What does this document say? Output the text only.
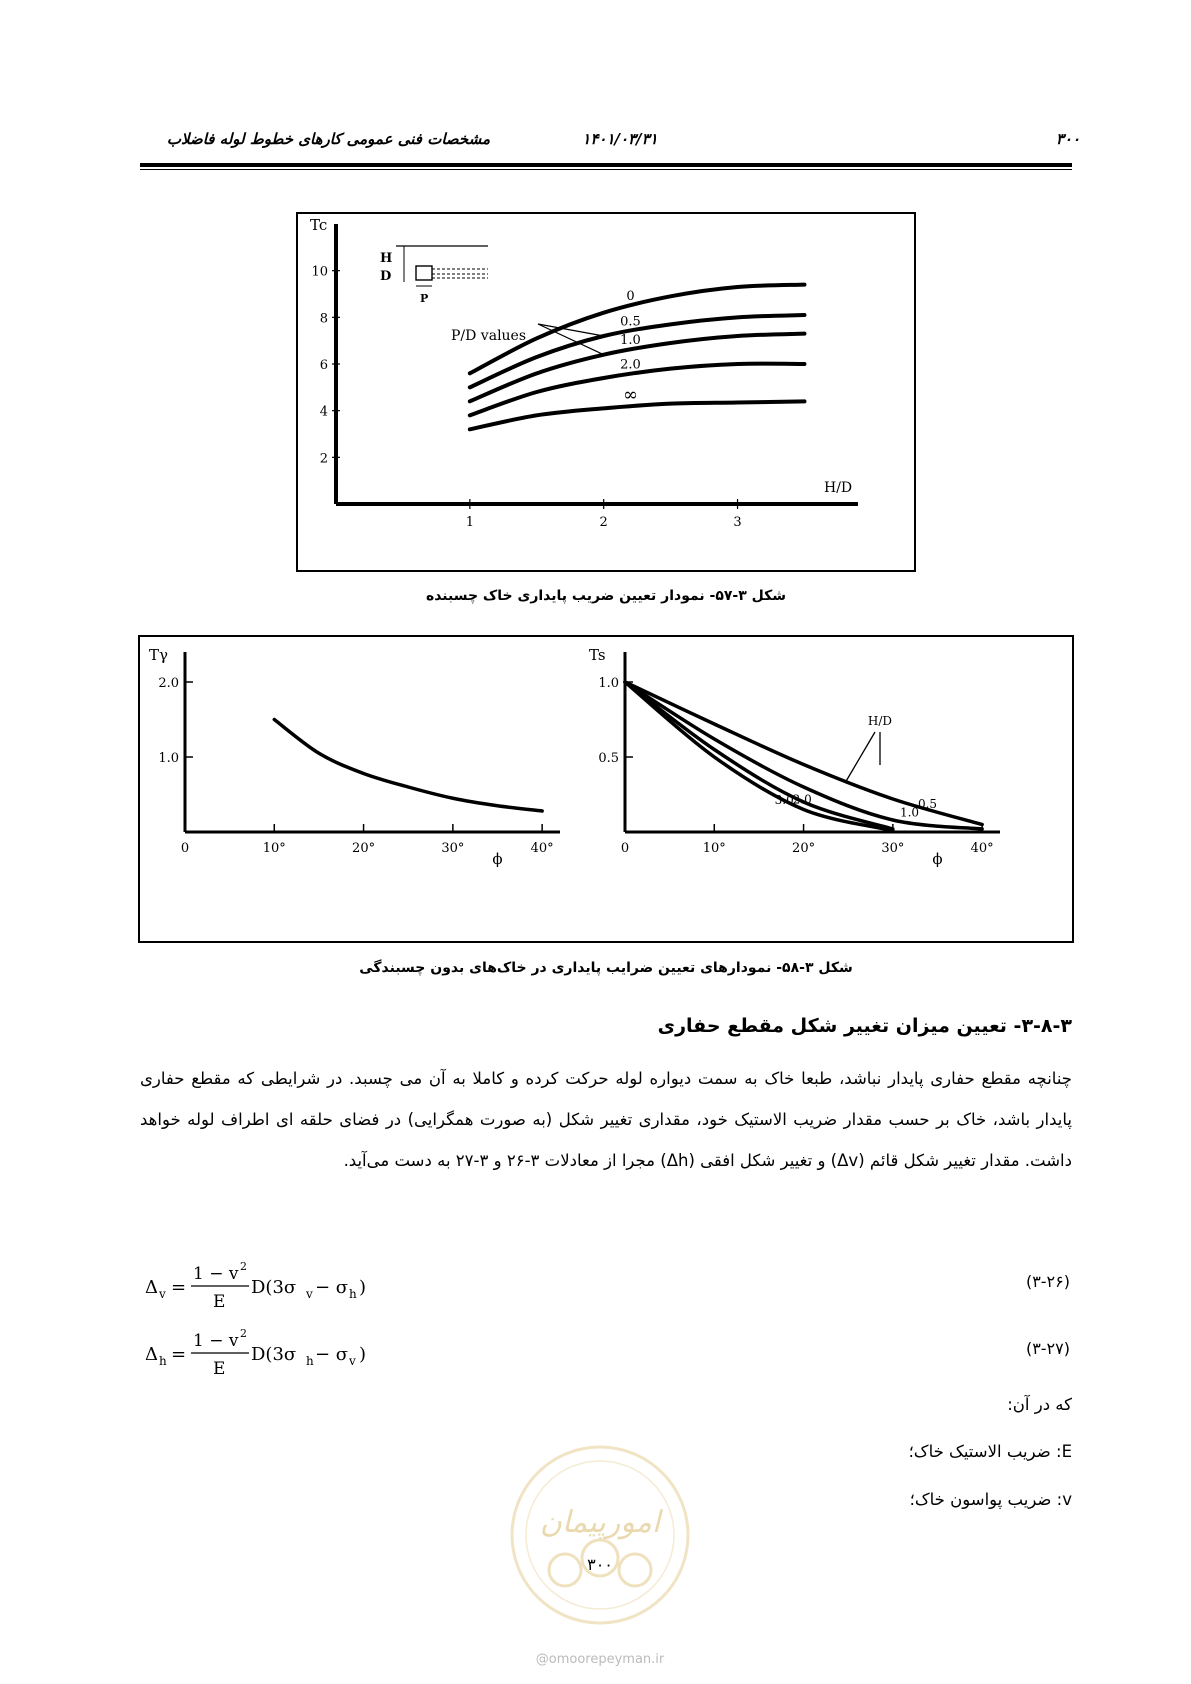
۳۰۰
۱۴۰۱/۰۳/۳۱
مشخصات فنی عمومی کارهای خطوط لوله فاضلاب
H
D
P
P/D values
2
4
6
8
10
1	2	3
Tc
H/D
0
0.5
1.0
2.0
∞
شکل ۳-۵۷- نمودار تعیین ضریب پایداری خاک چسبنده
1.0
2.0
0	10°	20°	30°	40°
Tγ
ϕ
0.5
1.0
0	10°	20°	30°	40°
Ts
ϕ
0.5
1.0
2.0
3.0
H/D
شکل ۳-۵۸- نمودارهای تعیین ضرایب پایداری در خاک‌های بدون چسبندگی
۳-۸-۳- تعیین میزان تغییر شکل مقطع حفاری
چنانچه مقطع حفاری پایدار نباشد، طبعا خاک به سمت دیواره لوله حرکت کرده و کاملا به آن می چسبد. در شرایطی که مقطع حفاری پایدار باشد، خاک بر حسب مقدار ضریب الاستیک خود، مقداری تغییر شکل (به صورت همگرایی) در فضای حلقه ای اطراف لوله خواهد داشت. مقدار تغییر شکل قائم (Δv) و تغییر شکل افقی (Δh) مجرا از معادلات ۳-۲۶ و ۳-۲۷ به دست می‌آید.
Δ v =
1 − v 2
E
D(3σ v − σ h )
Δ h =
1 − v 2
E
D(3σ h − σ v )
(۳-۲۶)
(۳-۲۷)
که در آن:
E: ضریب الاستیک خاک؛
v: ضریب پواسون خاک؛
امورپیمان
۳۰۰
@omoorepeyman.ir
